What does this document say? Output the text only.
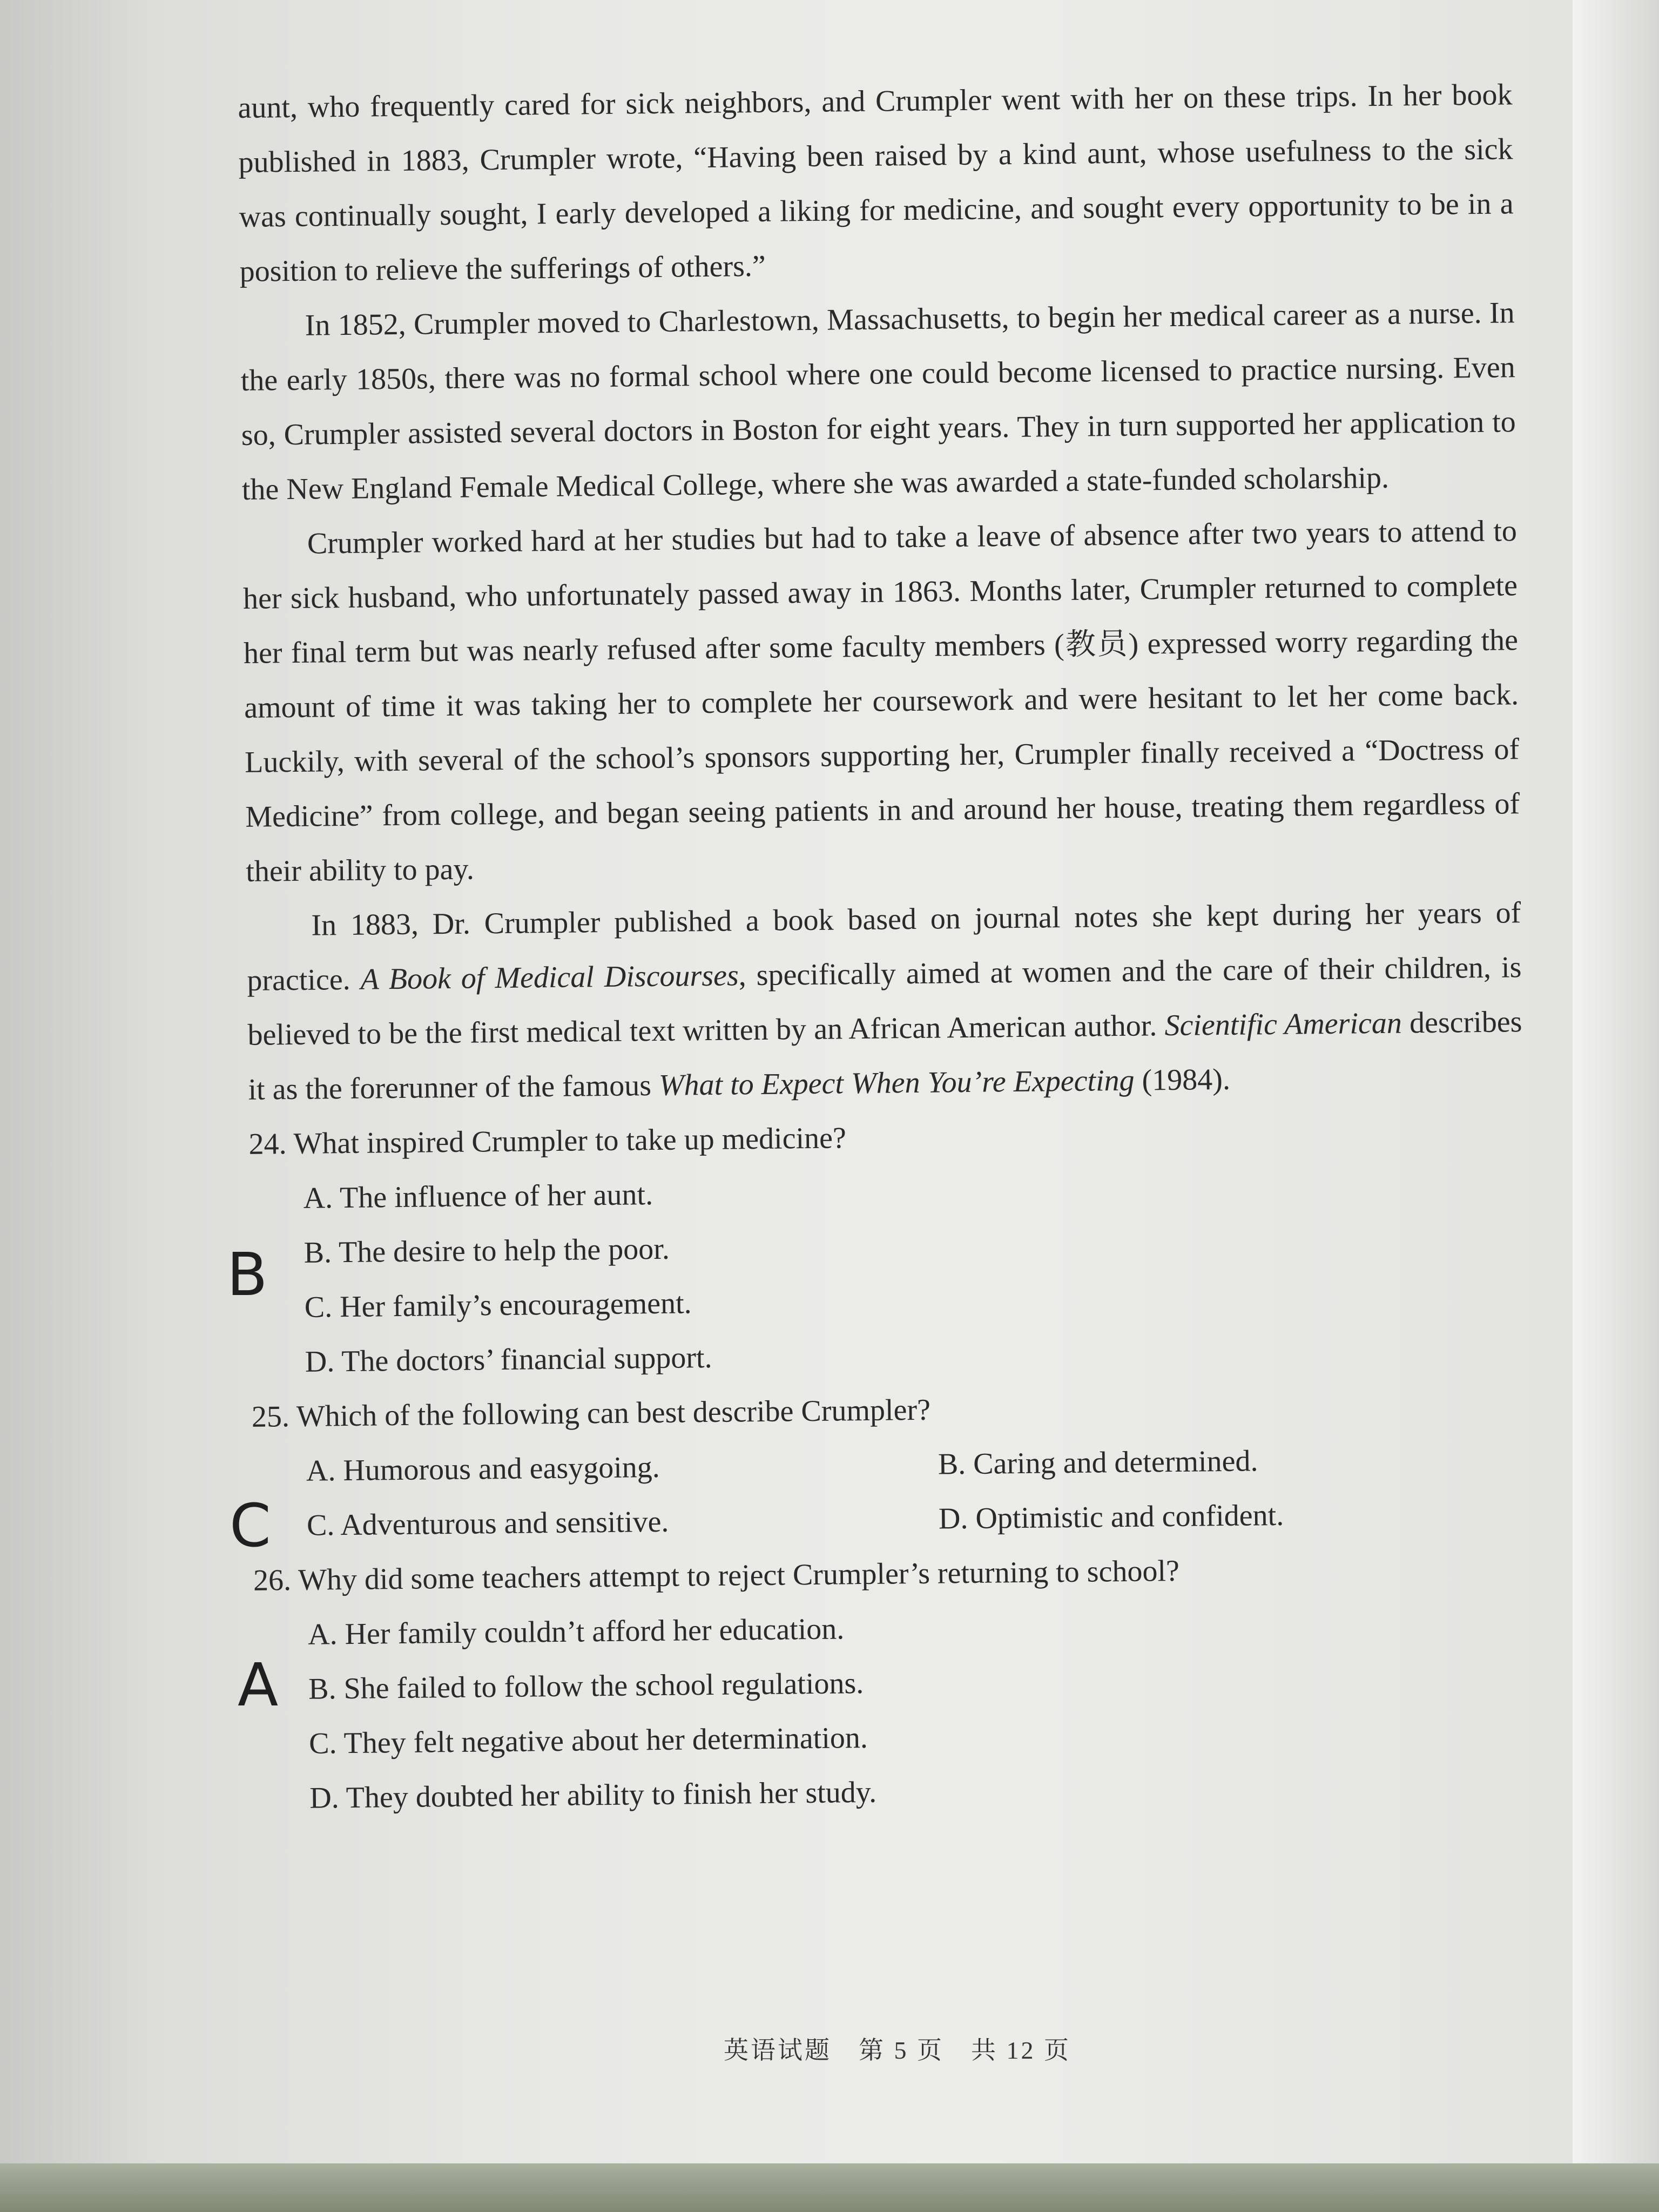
aunt, who frequently cared for sick neighbors, and Crumpler went with her on these trips. In her book published in 1883, Crumpler wrote, “Having been raised by a kind aunt, whose usefulness to the sick was continually sought, I early developed a liking for medicine, and sought every opportunity to be in a position to relieve the sufferings of others.”

In 1852, Crumpler moved to Charlestown, Massachusetts, to begin her medical career as a nurse. In the early 1850s, there was no formal school where one could become licensed to practice nursing. Even so, Crumpler assisted several doctors in Boston for eight years. They in turn supported her application to the New England Female Medical College, where she was awarded a state-funded scholarship.

Crumpler worked hard at her studies but had to take a leave of absence after two years to attend to her sick husband, who unfortunately passed away in 1863. Months later, Crumpler returned to complete her final term but was nearly refused after some faculty members (教员) expressed worry regarding the amount of time it was taking her to complete her coursework and were hesitant to let her come back. Luckily, with several of the school’s sponsors supporting her, Crumpler finally received a “Doctress of Medicine” from college, and began seeing patients in and around her house, treating them regardless of their ability to pay.

In 1883, Dr. Crumpler published a book based on journal notes she kept during her years of practice. A Book of Medical Discourses, specifically aimed at women and the care of their children, is believed to be the first medical text written by an African American author. Scientific American describes it as the forerunner of the famous What to Expect When You’re Expecting (1984).

24. What inspired Crumpler to take up medicine?

A. The influence of her aunt.

B. The desire to help the poor.

C. Her family’s encouragement.

D. The doctors’ financial support.

25. Which of the following can best describe Crumpler?

A. Humorous and easygoing.	B. Caring and determined.
C. Adventurous and sensitive.	D. Optimistic and confident.

26. Why did some teachers attempt to reject Crumpler’s returning to school?

A. Her family couldn’t afford her education.

B. She failed to follow the school regulations.

C. They felt negative about her determination.

D. They doubted her ability to finish her study.

B
C
A
英语试题　第 5 页　共 12 页
